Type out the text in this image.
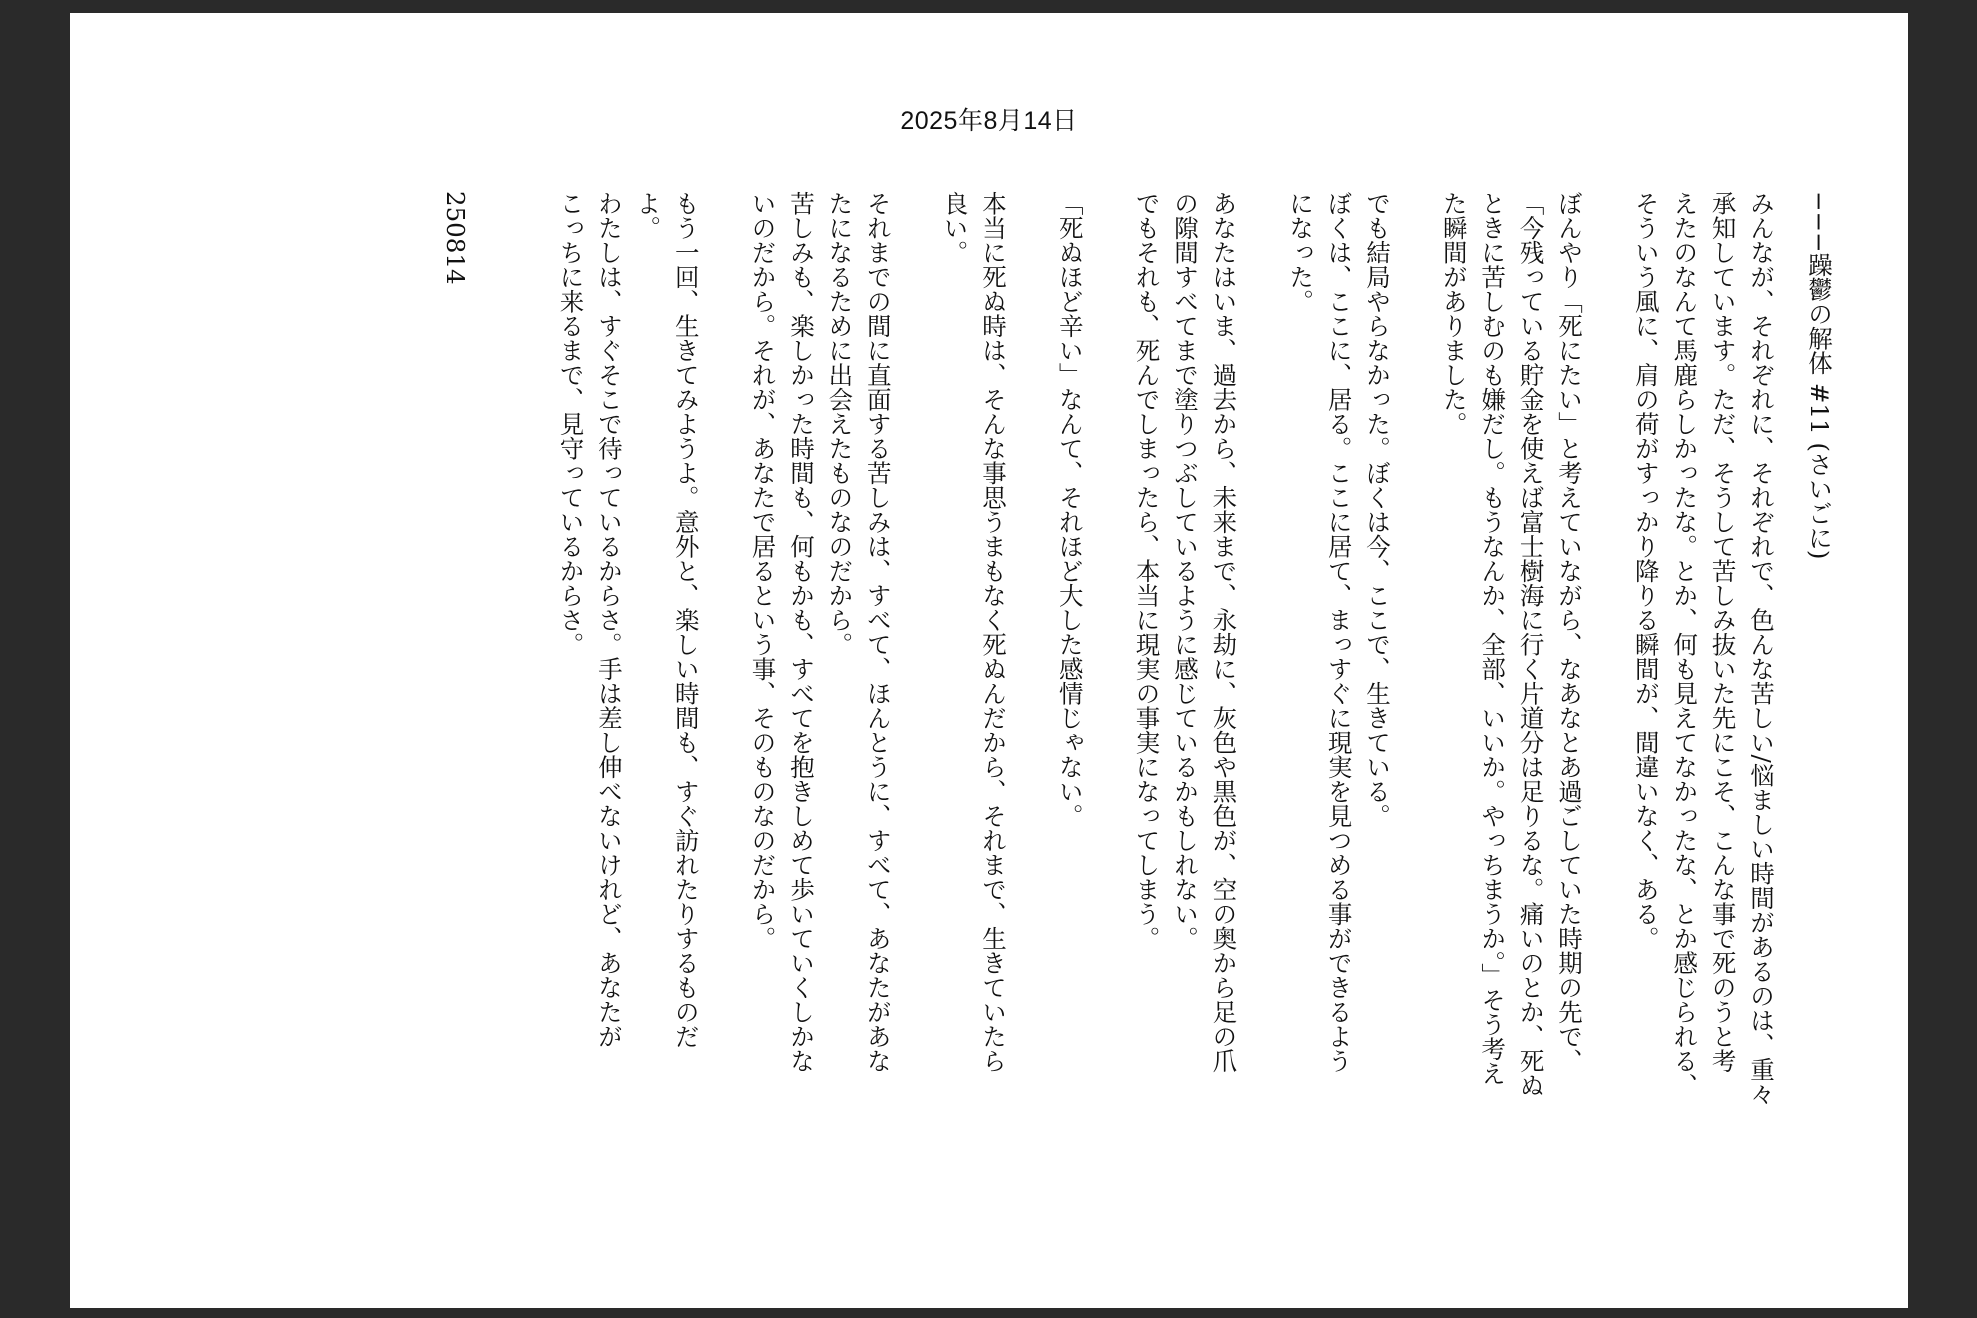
2025年8月14日
−−−躁鬱の解体 #11 (さいごに)
みんなが、それぞれに、それぞれで、色んな苦しい/悩ましい時間があるのは、重々
承知しています。ただ、そうして苦しみ抜いた先にこそ、こんな事で死のうと考
えたのなんて馬鹿らしかったな。とか、何も見えてなかったな、とか感じられる、
そういう風に、肩の荷がすっかり降りる瞬間が、間違いなく、ある。
ぼんやり「死にたい」と考えていながら、なあなとあ過ごしていた時期の先で、
「今残っている貯金を使えば富士樹海に行く片道分は足りるな。痛いのとか、死ぬ
ときに苦しむのも嫌だし。もうなんか、全部、いいか。やっちまうか。」そう考え
た瞬間がありました。
でも結局やらなかった。ぼくは今、ここで、生きている。
ぼくは、ここに、居る。ここに居て、まっすぐに現実を見つめる事ができるよう
になった。
あなたはいま、過去から、未来まで、永劫に、灰色や黒色が、空の奥から足の爪
の隙間すべてまで塗りつぶしているように感じているかもしれない。
でもそれも、死んでしまったら、本当に現実の事実になってしまう。
「死ぬほど辛い」なんて、それほど大した感情じゃない。
本当に死ぬ時は、そんな事思うまもなく死ぬんだから、それまで、生きていたら
良い。
それまでの間に直面する苦しみは、すべて、ほんとうに、すべて、あなたがあな
たになるために出会えたものなのだから。
苦しみも、楽しかった時間も、何もかも、すべてを抱きしめて歩いていくしかな
いのだから。それが、あなたで居るという事、そのものなのだから。
もう一回、生きてみようよ。意外と、楽しい時間も、すぐ訪れたりするものだ
よ。
わたしは、すぐそこで待っているからさ。手は差し伸べないけれど、あなたが
こっちに来るまで、見守っているからさ。
250814
